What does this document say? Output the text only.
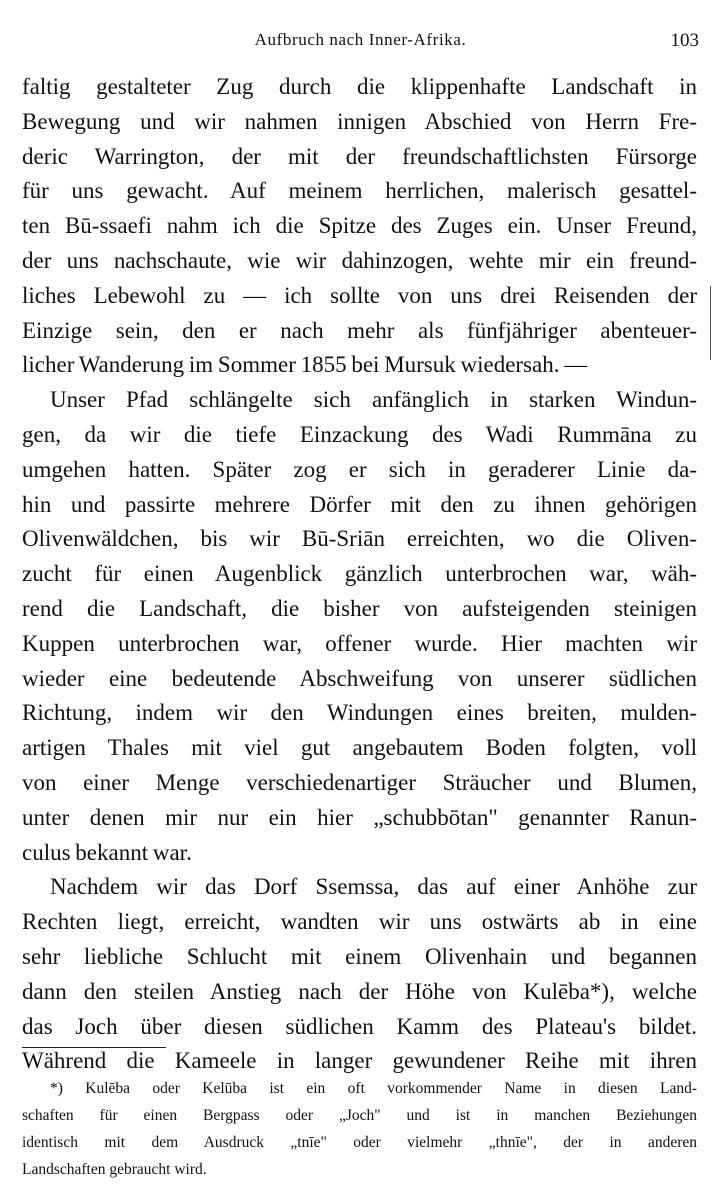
Aufbruch nach Inner-Afrika.	103
faltig gestalteter Zug durch die klippenhafte Landschaft in
Bewegung und wir nahmen innigen Abschied von Herrn Fre-
deric Warrington, der mit der freundschaftlichsten Fürsorge
für uns gewacht. Auf meinem herrlichen, malerisch gesattel-
ten Bū-ssaefi nahm ich die Spitze des Zuges ein. Unser Freund,
der uns nachschaute, wie wir dahinzogen, wehte mir ein freund-
liches Lebewohl zu — ich sollte von uns drei Reisenden der
Einzige sein, den er nach mehr als fünfjähriger abenteuer-
licher Wanderung im Sommer 1855 bei Mursuk wiedersah. —
Unser Pfad schlängelte sich anfänglich in starken Windun-
gen, da wir die tiefe Einzackung des Wadi Rummāna zu
umgehen hatten. Später zog er sich in geraderer Linie da-
hin und passirte mehrere Dörfer mit den zu ihnen gehörigen
Olivenwäldchen, bis wir Bū-Sriān erreichten, wo die Oliven-
zucht für einen Augenblick gänzlich unterbrochen war, wäh-
rend die Landschaft, die bisher von aufsteigenden steinigen
Kuppen unterbrochen war, offener wurde. Hier machten wir
wieder eine bedeutende Abschweifung von unserer südlichen
Richtung, indem wir den Windungen eines breiten, mulden-
artigen Thales mit viel gut angebautem Boden folgten, voll
von einer Menge verschiedenartiger Sträucher und Blumen,
unter denen mir nur ein hier „schubbōtan" genannter Ranun-
culus bekannt war.
Nachdem wir das Dorf Ssemssa, das auf einer Anhöhe zur
Rechten liegt, erreicht, wandten wir uns ostwärts ab in eine
sehr liebliche Schlucht mit einem Olivenhain und begannen
dann den steilen Anstieg nach der Höhe von Kulēba*), welche
das Joch über diesen südlichen Kamm des Plateau's bildet.
Während die Kameele in langer gewundener Reihe mit ihren
*) Kulēba oder Kelūba ist ein oft vorkommender Name in diesen Land-
schaften für einen Bergpass oder „Joch" und ist in manchen Beziehungen
identisch mit dem Ausdruck „tnīe" oder vielmehr „thnīe", der in anderen
Landschaften gebraucht wird.
